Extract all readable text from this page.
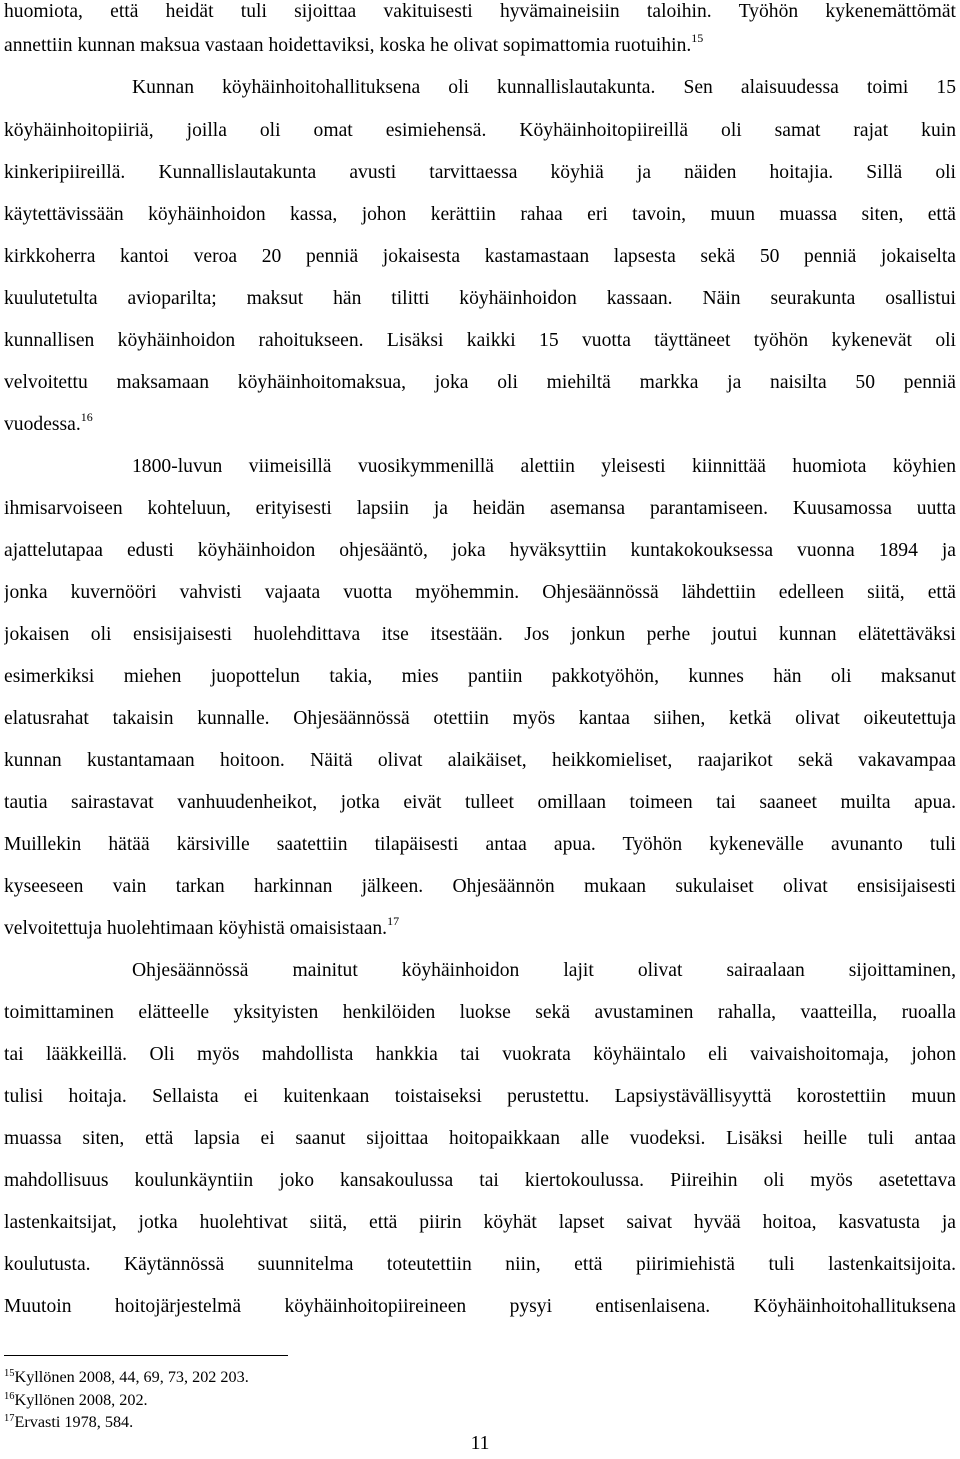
huomiota, että heidät tuli sijoittaa vakituisesti hyvämaineisiin taloihin. Työhön kykenemättömät
annettiin kunnan maksua vastaan hoidettaviksi, koska he olivat sopimattomia ruotuihin.$^{15}$
Kunnan köyhäinhoitohallituksena oli kunnallislautakunta. Sen alaisuudessa toimi 15
köyhäinhoitopiiriä, joilla oli omat esimiehensä. Köyhäinhoitopiireillä oli samat rajat kuin
kinkeripiireillä. Kunnallislautakunta avusti tarvittaessa köyhiä ja näiden hoitajia. Sillä oli
käytettävissään köyhäinhoidon kassa, johon kerättiin rahaa eri tavoin, muun muassa siten, että
kirkkoherra kantoi veroa 20 penniä jokaisesta kastamastaan lapsesta sekä 50 penniä jokaiselta
kuulutetulta avioparilta; maksut hän tilitti köyhäinhoidon kassaan. Näin seurakunta osallistui
kunnallisen köyhäinhoidon rahoitukseen. Lisäksi kaikki 15 vuotta täyttäneet työhön kykenevät oli
velvoitettu maksamaan köyhäinhoitomaksua, joka oli miehiltä markka ja naisilta 50 penniä
vuodessa.$^{16}$
1800-luvun viimeisillä vuosikymmenillä alettiin yleisesti kiinnittää huomiota köyhien
ihmisarvoiseen kohteluun, erityisesti lapsiin ja heidän asemansa parantamiseen. Kuusamossa uutta
ajattelutapaa edusti köyhäinhoidon ohjesääntö, joka hyväksyttiin kuntakokouksessa vuonna 1894 ja
jonka kuvernööri vahvisti vajaata vuotta myöhemmin. Ohjesäännössä lähdettiin edelleen siitä, että
jokaisen oli ensisijaisesti huolehdittava itse itsestään. Jos jonkun perhe joutui kunnan elätettäväksi
esimerkiksi miehen juopottelun takia, mies pantiin pakkotyöhön, kunnes hän oli maksanut
elatusrahat takaisin kunnalle. Ohjesäännössä otettiin myös kantaa siihen, ketkä olivat oikeutettuja
kunnan kustantamaan hoitoon. Näitä olivat alaikäiset, heikkomieliset, raajarikot sekä vakavampaa
tautia sairastavat vanhuudenheikot, jotka eivät tulleet omillaan toimeen tai saaneet muilta apua.
Muillekin hätää kärsiville saatettiin tilapäisesti antaa apua. Työhön kykenevälle avunanto tuli
kyseeseen vain tarkan harkinnan jälkeen. Ohjesäännön mukaan sukulaiset olivat ensisijaisesti
velvoitettuja huolehtimaan köyhistä omaisistaan.$^{17}$
Ohjesäännössä mainitut köyhäinhoidon lajit olivat sairaalaan sijoittaminen,
toimittaminen elätteelle yksityisten henkilöiden luokse sekä avustaminen rahalla, vaatteilla, ruoalla
tai lääkkeillä. Oli myös mahdollista hankkia tai vuokrata köyhäintalo eli vaivaishoitomaja, johon
tulisi hoitaja. Sellaista ei kuitenkaan toistaiseksi perustettu. Lapsiystävällisyyttä korostettiin muun
muassa siten, että lapsia ei saanut sijoittaa hoitopaikkaan alle vuodeksi. Lisäksi heille tuli antaa
mahdollisuus koulunkäyntiin joko kansakoulussa tai kiertokoulussa. Piireihin oli myös asetettava
lastenkaitsijat, jotka huolehtivat siitä, että piirin köyhät lapset saivat hyvää hoitoa, kasvatusta ja
koulutusta. Käytännössä suunnitelma toteutettiin niin, että piirimiehistä tuli lastenkaitsijoita.
Muutoin hoitojärjestelmä köyhäinhoitopiireineen pysyi entisenlaisena. Köyhäinhoitohallituksena
$^{15}$Kyllönen 2008, 44, 69, 73, 202 203.
$^{16}$Kyllönen 2008, 202.
$^{17}$Ervasti 1978, 584.
11
